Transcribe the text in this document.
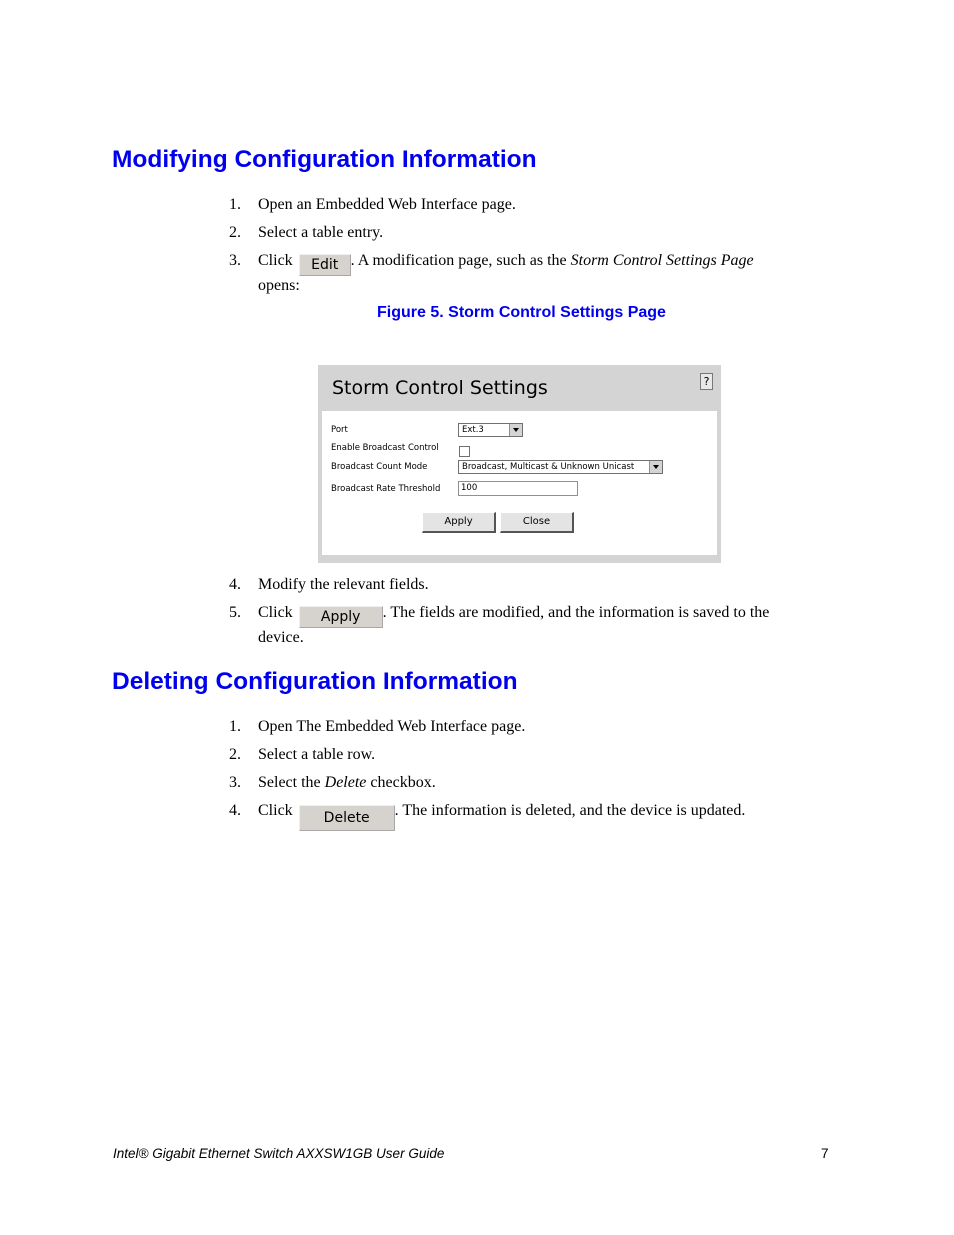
Modifying Configuration Information
1. Open an Embedded Web Interface page.
2. Select a table entry.
3. Click Edit . A modification page, such as the Storm Control Settings Page
opens:
Figure 5. Storm Control Settings Page
Storm Control Settings	?
Port	Ext.3
Enable Broadcast Control
Broadcast Count Mode	Broadcast, Multicast & Unknown Unicast
Broadcast Rate Threshold	100
Apply	Close
4. Modify the relevant fields.
5. Click Apply . The fields are modified, and the information is saved to the device.
Deleting Configuration Information
1. Open The Embedded Web Interface page.
2. Select a table row.
3. Select the Delete checkbox.
4. Click Delete . The information is deleted, and the device is updated.
Intel® Gigabit Ethernet Switch AXXSW1GB User Guide	7
